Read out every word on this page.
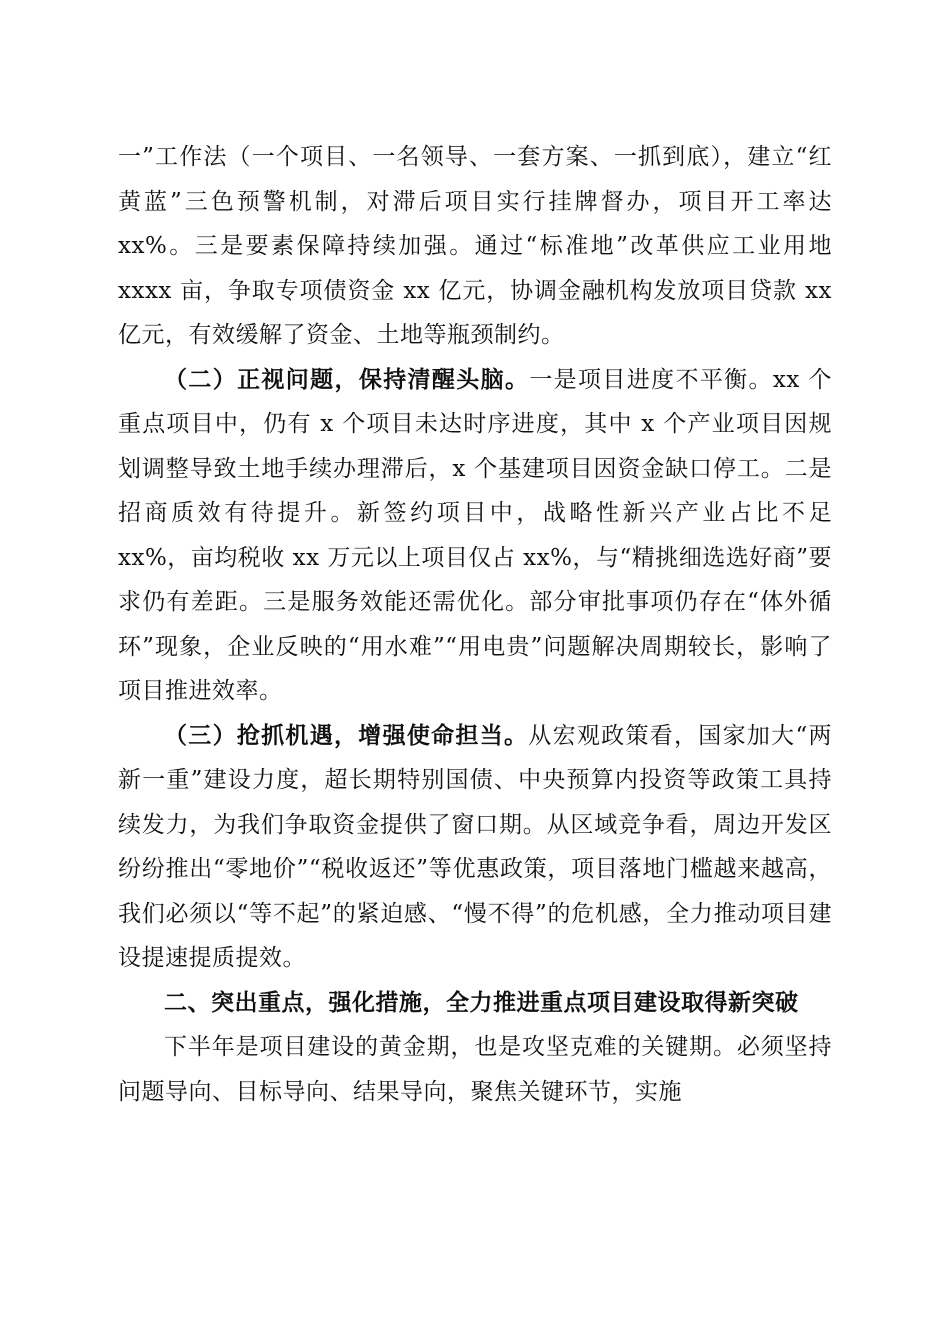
一”工作法（一个项目、一名领导、一套方案、一抓到底），建立“红黄蓝”三色预警机制，对滞后项目实行挂牌督办，项目开工率达 xx%。三是要素保障持续加强。通过“标准地”改革供应工业用地 xxxx 亩，争取专项债资金 xx 亿元，协调金融机构发放项目贷款 xx 亿元，有效缓解了资金、土地等瓶颈制约。

（二）正视问题，保持清醒头脑。一是项目进度不平衡。xx 个重点项目中，仍有 x 个项目未达时序进度，其中 x 个产业项目因规划调整导致土地手续办理滞后，x 个基建项目因资金缺口停工。二是招商质效有待提升。新签约项目中，战略性新兴产业占比不足 xx%，亩均税收 xx 万元以上项目仅占 xx%，与“精挑细选选好商”要求仍有差距。三是服务效能还需优化。部分审批事项仍存在“体外循环”现象，企业反映的“用水难”“用电贵”问题解决周期较长，影响了项目推进效率。

（三）抢抓机遇，增强使命担当。从宏观政策看，国家加大“两新一重”建设力度，超长期特别国债、中央预算内投资等政策工具持续发力，为我们争取资金提供了窗口期。从区域竞争看，周边开发区纷纷推出“零地价”“税收返还”等优惠政策，项目落地门槛越来越高，我们必须以“等不起”的紧迫感、“慢不得”的危机感，全力推动项目建设提速提质提效。

二、突出重点，强化措施，全力推进重点项目建设取得新突破

下半年是项目建设的黄金期，也是攻坚克难的关键期。必须坚持问题导向、目标导向、结果导向，聚焦关键环节，实施
